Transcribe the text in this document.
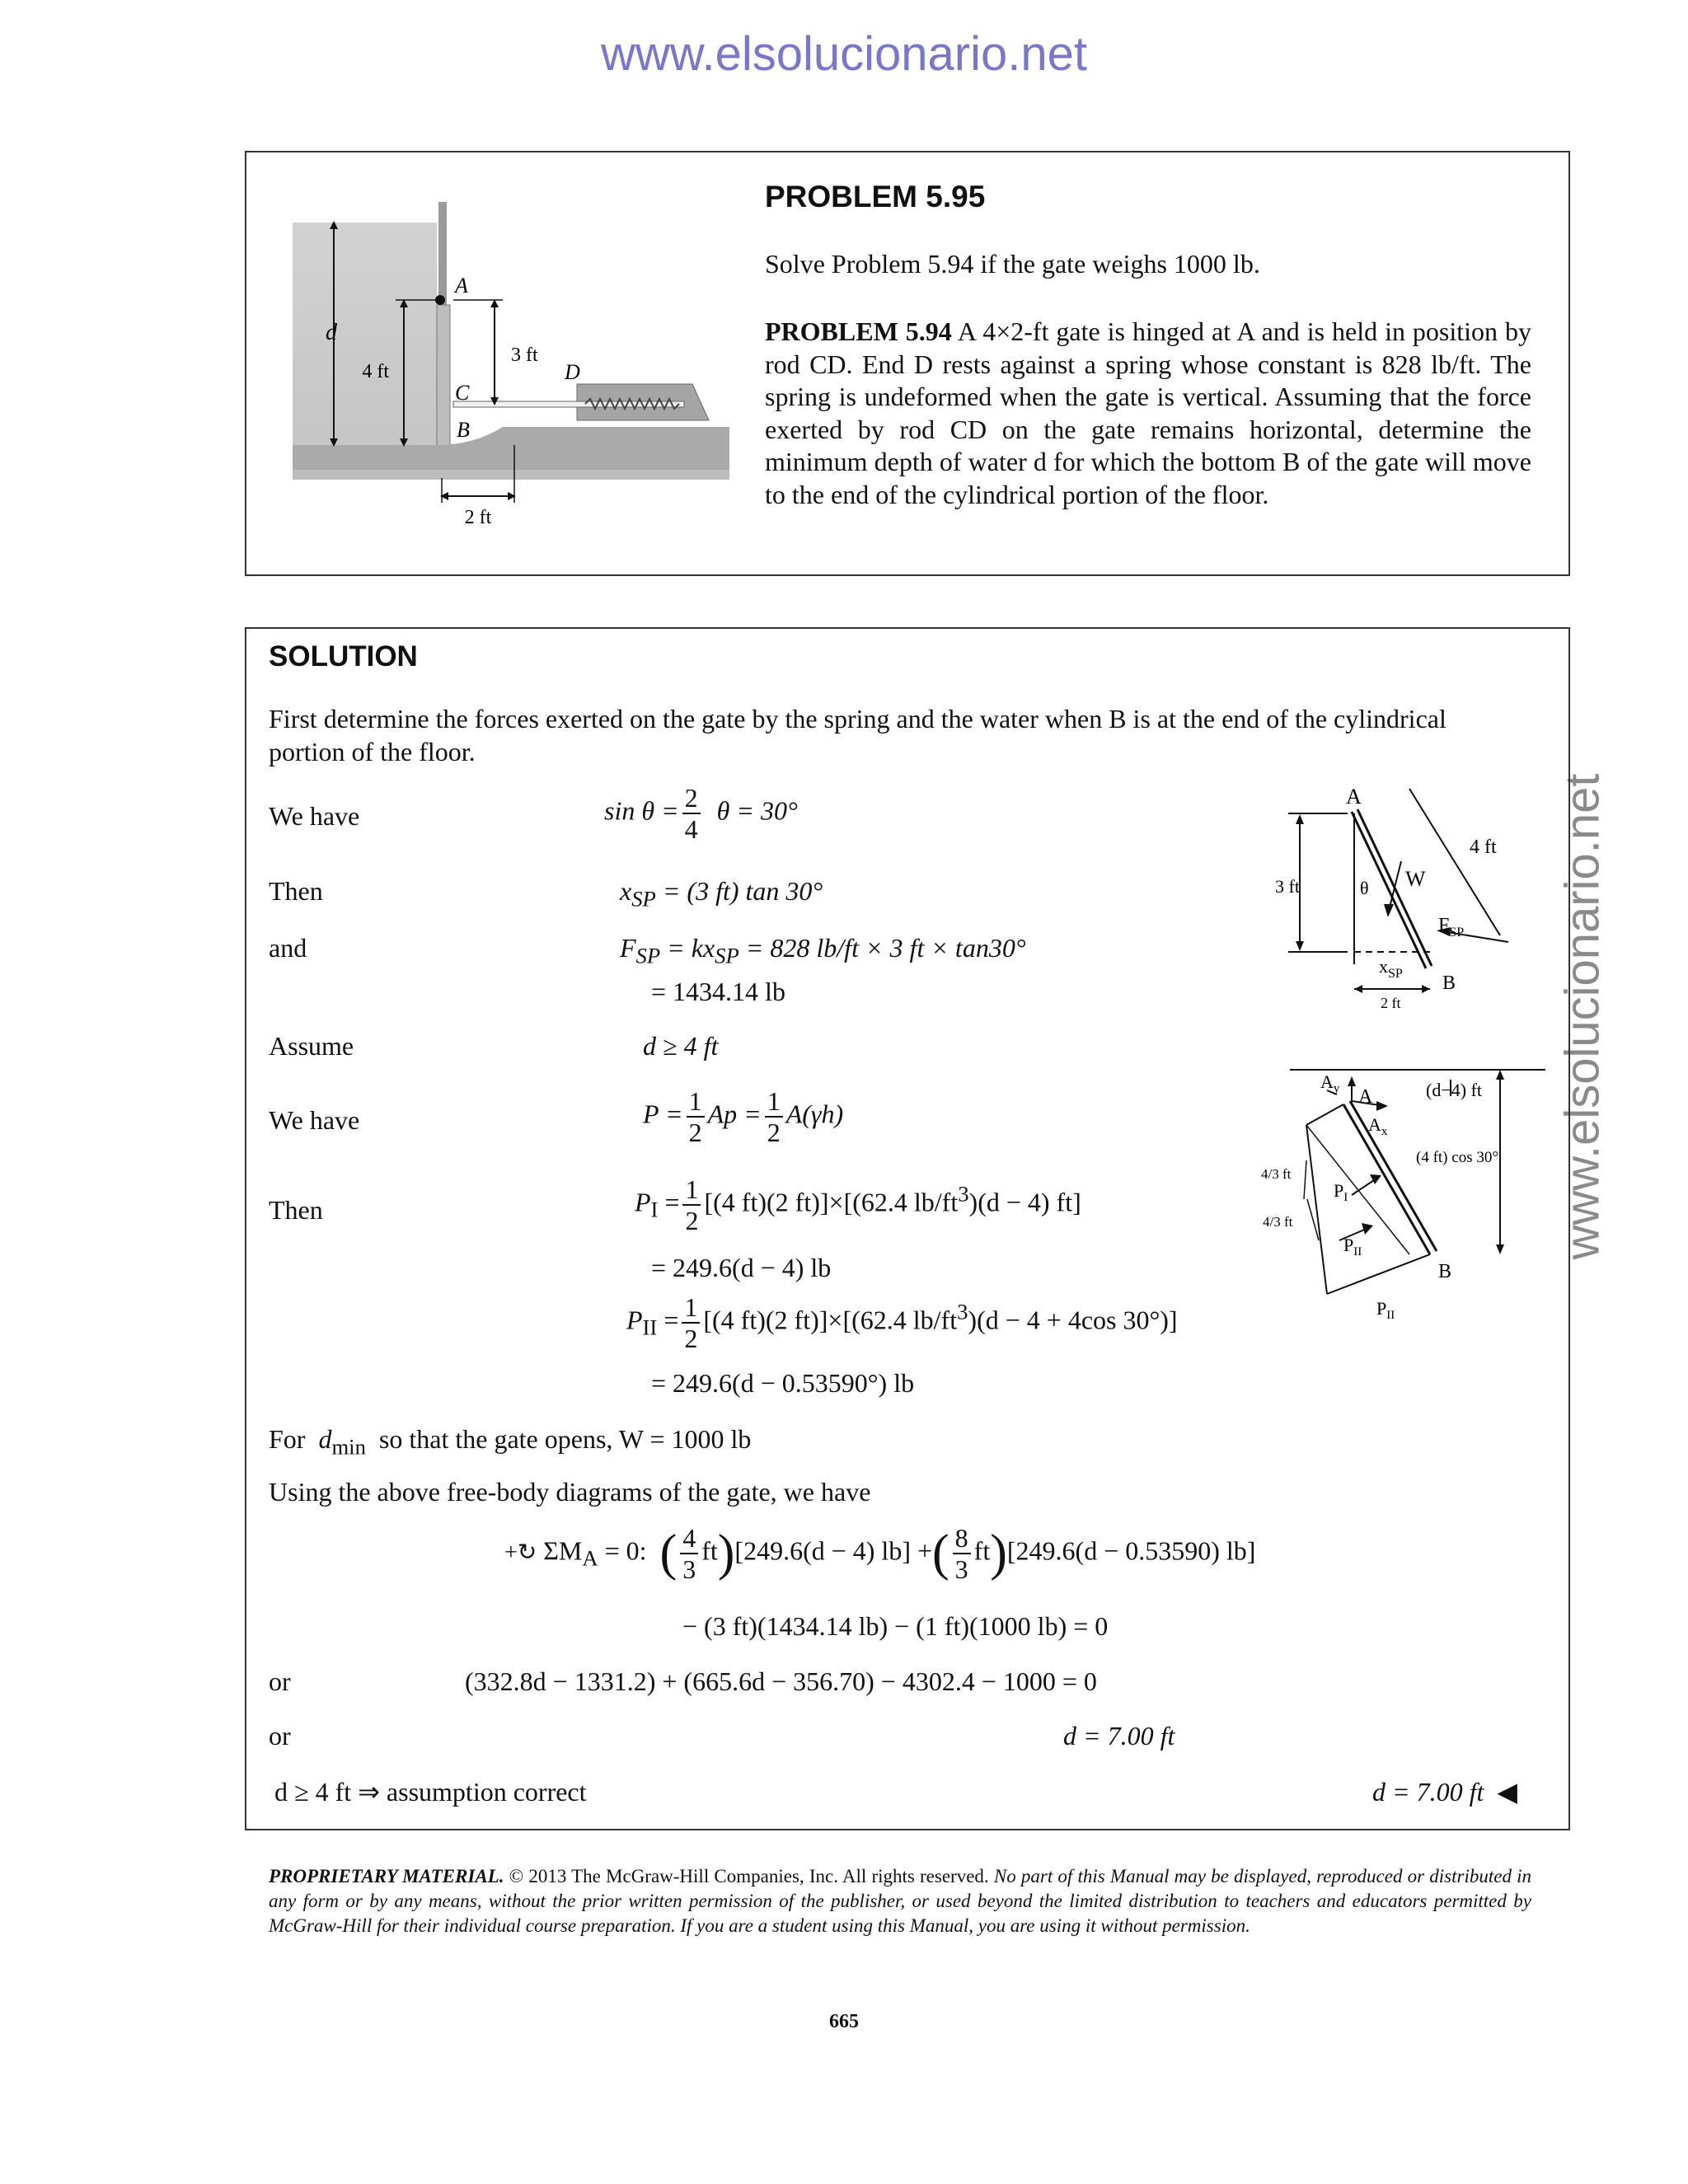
www.elsolucionario.net
www.elsolucionario.net
A
d
4 ft
3 ft
C
B
D
2 ft
PROBLEM 5.95
Solve Problem 5.94 if the gate weighs 1000 lb.
PROBLEM 5.94 A 4×2-ft gate is hinged at A and is held in position by rod CD. End D rests against a spring whose constant is 828 lb/ft. The spring is undeformed when the gate is vertical. Assuming that the force exerted by rod CD on the gate remains horizontal, determine the minimum depth of water d for which the bottom B of the gate will move to the end of the cylindrical portion of the floor.
SOLUTION
First determine the forces exerted on the gate by the spring and the water when B is at the end of the cylindrical portion of the floor.
We have	$\sin \theta = \frac{2}{4}$ θ = 30°
Then	$x_{SP} = (3$ ft) tan 30°
and	$F_{SP} = kx_{SP} = 828$ lb/ft × 3 ft × tan30°
= 1434.14 lb
Assume	d ≥ 4 ft
We have	$P = \frac{1}{2}$ $Ap = \frac{1}{2} A(\gamma h)$
Then	$P_I = \frac{1}{2} [(4$ ft)(2 ft)]×[(62.4 $lb/ft^3)(d - 4)$ ft]
= 249.6(d − 4) lb
$P_{II} = \frac{1}{2} [(4$ ft)(2 ft)]×[(62.4 $lb/ft^3)(d - 4 + 4\cos$ 30°)]
= 249.6(d − 0.53590°) lb
For $d_{min}$ so that the gate opens, W = 1000 lb
Using the above free-body diagrams of the gate, we have
+↻ $\Sigma M_A = 0$: ( $\frac{4}{3} ft)[249.6(d - 4)$ lb] +( $\frac{8}{3} ft)[249.6(d - 0.53590)$ lb]
− (3 ft)(1434.14 lb) − (1 ft)(1000 lb) = 0
or	(332.8d − 1331.2) + (665.6d − 356.70) − 4302.4 − 1000 = 0
or	d = 7.00 ft
d ≥ 4 ft ⇒ assumption correct	d = 7.00 ft ◀
A
4 ft
3 ft	θ W
$F_{SP}$
$x_{SP}$ B
2 ft
$A_y$ A
$A_x$
(d−4) ft
(4 ft) cos 30°
4/3 ft
4/3 ft
$P_I$
$P_{II}$
$P_{II}$
B
PROPRIETARY MATERIAL. © 2013 The McGraw-Hill Companies, Inc. All rights reserved. No part of this Manual may be displayed, reproduced or distributed in any form or by any means, without the prior written permission of the publisher, or used beyond the limited distribution to teachers and educators permitted by McGraw-Hill for their individual course preparation. If you are a student using this Manual, you are using it without permission.
665
